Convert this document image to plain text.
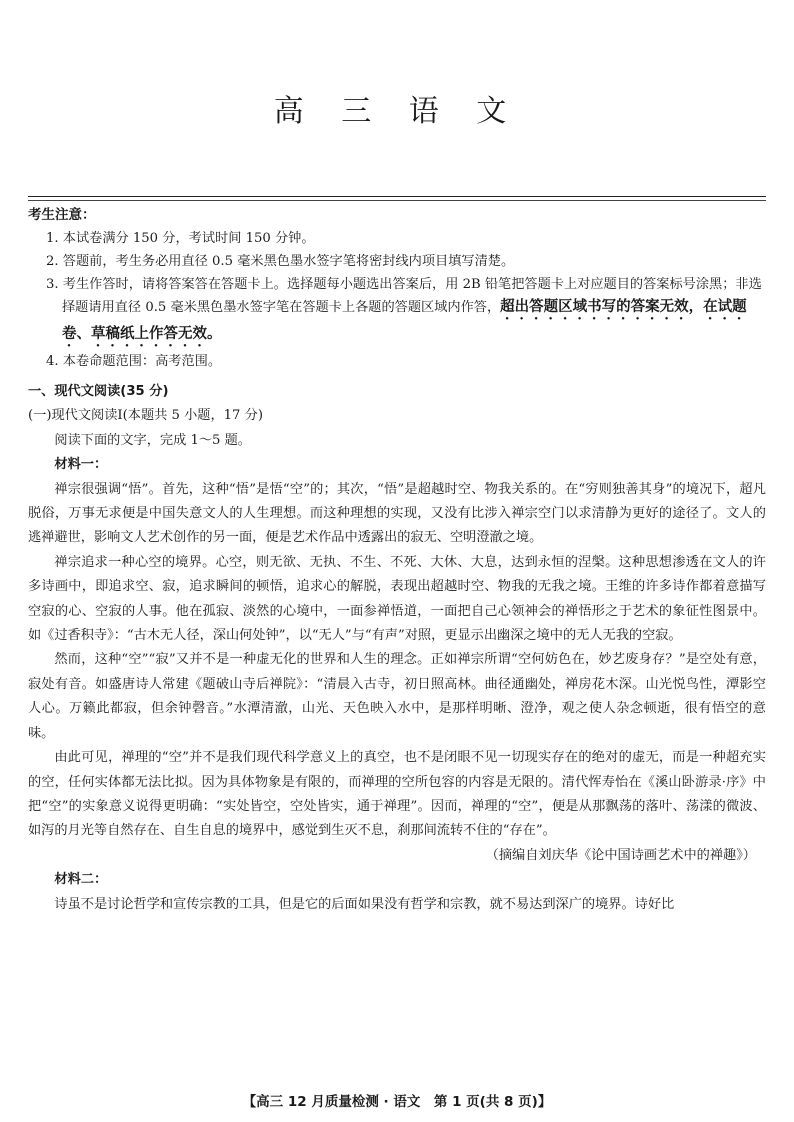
高 三 语 文
考生注意：
1. 本试卷满分 150 分，考试时间 150 分钟。
2. 答题前，考生务必用直径 0.5 毫米黑色墨水签字笔将密封线内项目填写清楚。
3. 考生作答时，请将答案答在答题卡上。选择题每小题选出答案后，用 2B 铅笔把答题卡上对应题目的答案标号涂黑；非选择题请用直径 0.5 毫米黑色墨水签字笔在答题卡上各题的答题区域内作答，超出答题区域书写的答案无效，在试题卷、草稿纸上作答无效。
4. 本卷命题范围：高考范围。
一、现代文阅读(35 分)
(一)现代文阅读Ⅰ(本题共 5 小题，17 分)
阅读下面的文字，完成 1～5 题。
材料一：

禅宗很强调“悟”。首先，这种“悟”是悟“空”的；其次，“悟”是超越时空、物我关系的。在“穷则独善其身”的境况下，超凡脱俗，万事无求便是中国失意文人的人生理想。而这种理想的实现，又没有比涉入禅宗空门以求清静为更好的途径了。文人的逃禅避世，影响文人艺术创作的另一面，便是艺术作品中透露出的寂无、空明澄澈之境。

禅宗追求一种心空的境界。心空，则无欲、无执、不生、不死、大休、大息，达到永恒的涅槃。这种思想渗透在文人的许多诗画中，即追求空、寂，追求瞬间的顿悟，追求心的解脱，表现出超越时空、物我的无我之境。王维的许多诗作都着意描写空寂的心、空寂的人事。他在孤寂、淡然的心境中，一面参禅悟道，一面把自己心领神会的禅悟形之于艺术的象征性图景中。如《过香积寺》：“古木无人径，深山何处钟”，以“无人”与“有声”对照，更显示出幽深之境中的无人无我的空寂。

然而，这种“空”“寂”又并不是一种虚无化的世界和人生的理念。正如禅宗所谓“空何妨色在，妙艺废身存？”是空处有意，寂处有音。如盛唐诗人常建《题破山寺后禅院》：“清晨入古寺，初日照高林。曲径通幽处，禅房花木深。山光悦鸟性，潭影空人心。万籁此都寂，但余钟磬音。”水潭清澈，山光、天色映入水中，是那样明晰、澄净，观之使人杂念顿逝，很有悟空的意味。

由此可见，禅理的“空”并不是我们现代科学意义上的真空，也不是闭眼不见一切现实存在的绝对的虚无，而是一种超充实的空，任何实体都无法比拟。因为具体物象是有限的，而禅理的空所包容的内容是无限的。清代恽寿怡在《溪山卧游录·序》中把“空”的实象意义说得更明确：“实处皆空，空处皆实，通于禅理”。因而，禅理的“空”，便是从那飘荡的落叶、荡漾的微波、如泻的月光等自然存在、自生自息的境界中，感觉到生灭不息，刹那间流转不住的“存在”。

（摘编自刘庆华《论中国诗画艺术中的禅趣》）
材料二：

诗虽不是讨论哲学和宣传宗教的工具，但是它的后面如果没有哲学和宗教，就不易达到深广的境界。诗好比

【高三 12 月质量检测 · 语文　第 1 页(共 8 页)】
